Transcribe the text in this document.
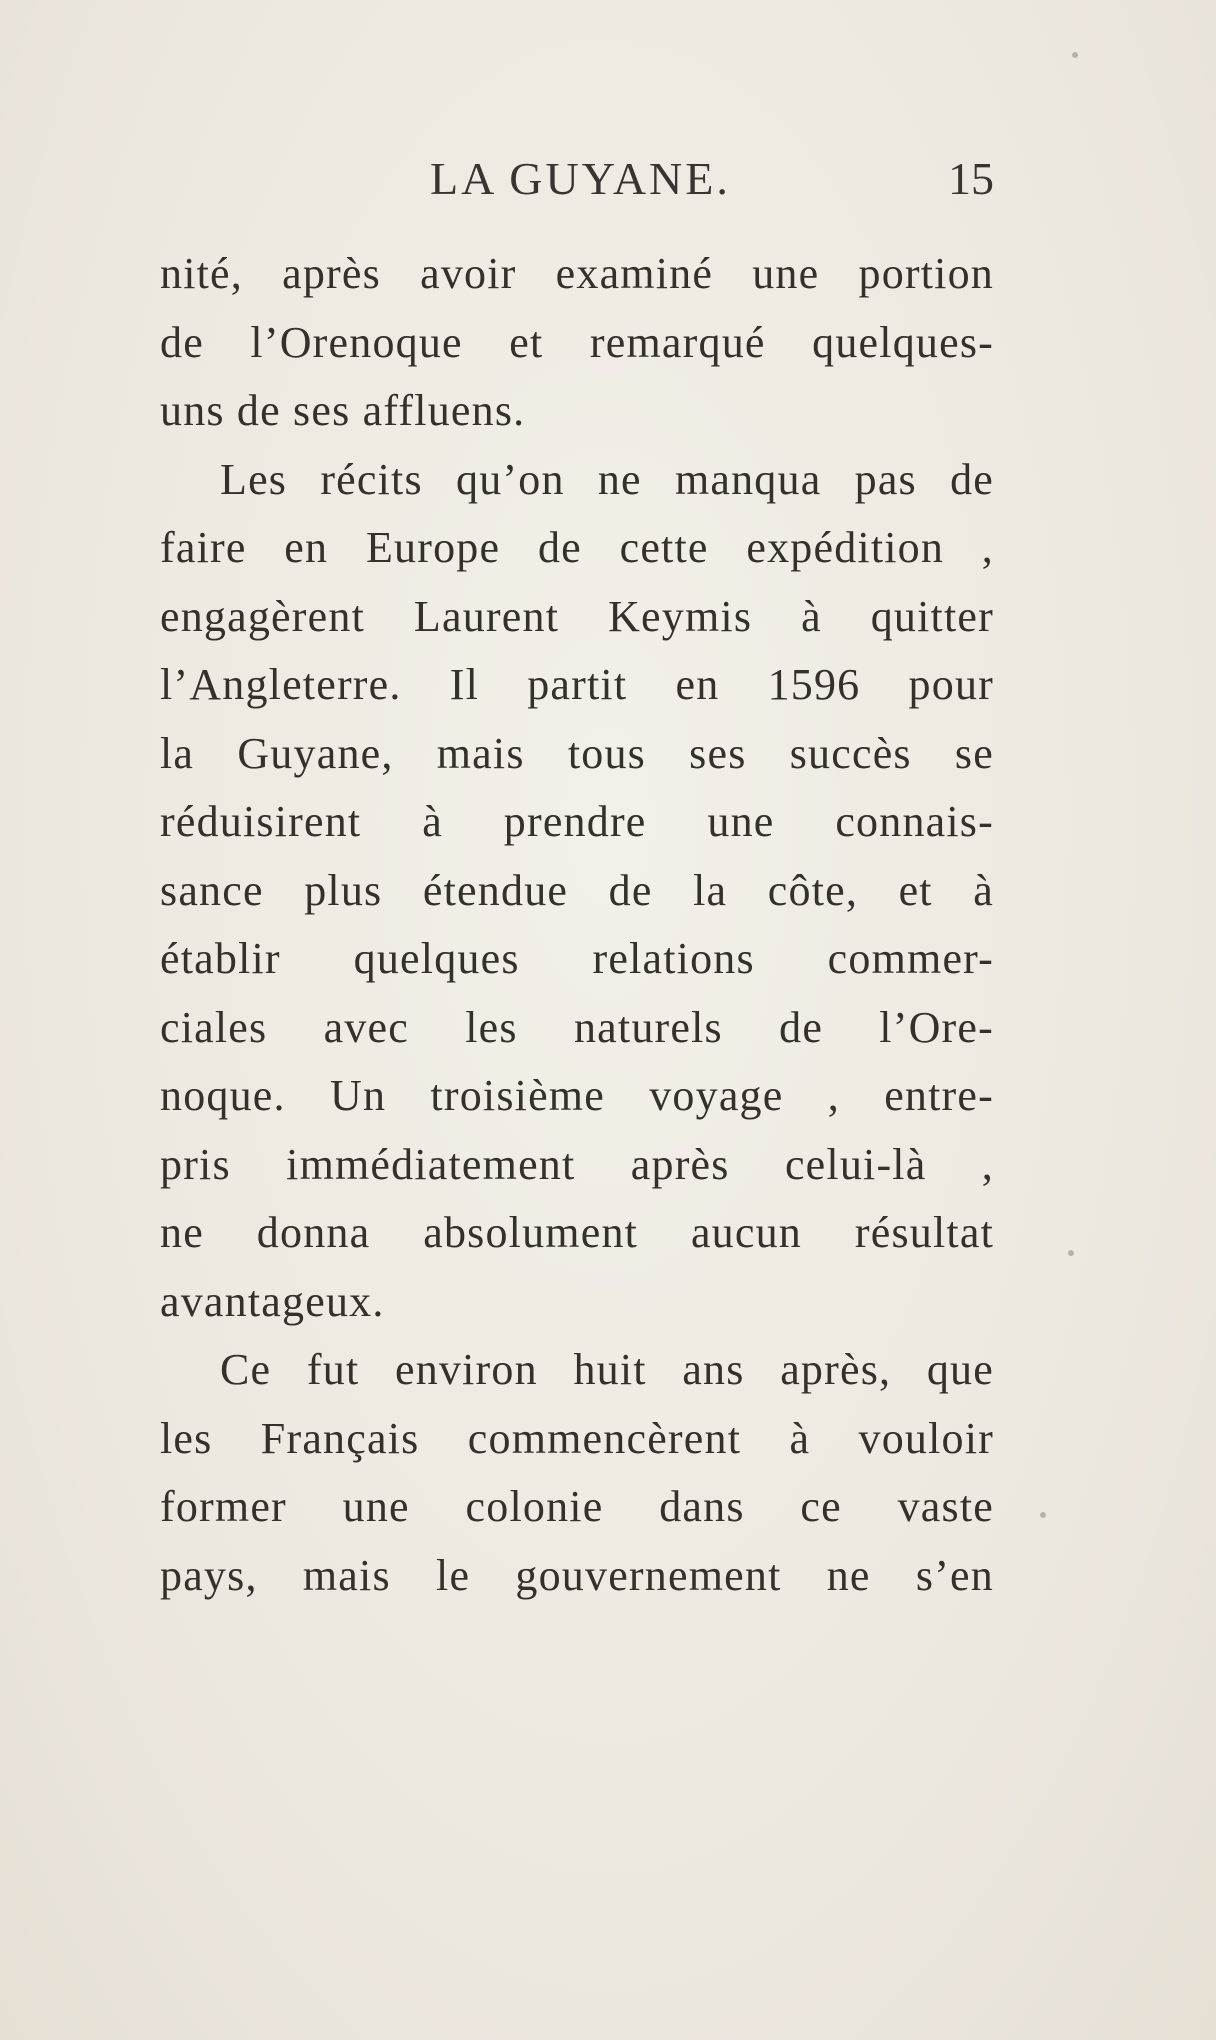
LA GUYANE.	15
nité, après avoir examiné une portion
de l’Orenoque et remarqué quelques-
uns de ses affluens.
Les récits qu’on ne manqua pas de
faire en Europe de cette expédition ,
engagèrent Laurent Keymis à quitter
l’Angleterre. Il partit en 1596 pour
la Guyane, mais tous ses succès se
réduisirent à prendre une connais-
sance plus étendue de la côte, et à
établir quelques relations commer-
ciales avec les naturels de l’Ore-
noque. Un troisième voyage , entre-
pris immédiatement après celui-là ,
ne donna absolument aucun résultat
avantageux.
Ce fut environ huit ans après, que
les Français commencèrent à vouloir
former une colonie dans ce vaste
pays, mais le gouvernement ne s’en
